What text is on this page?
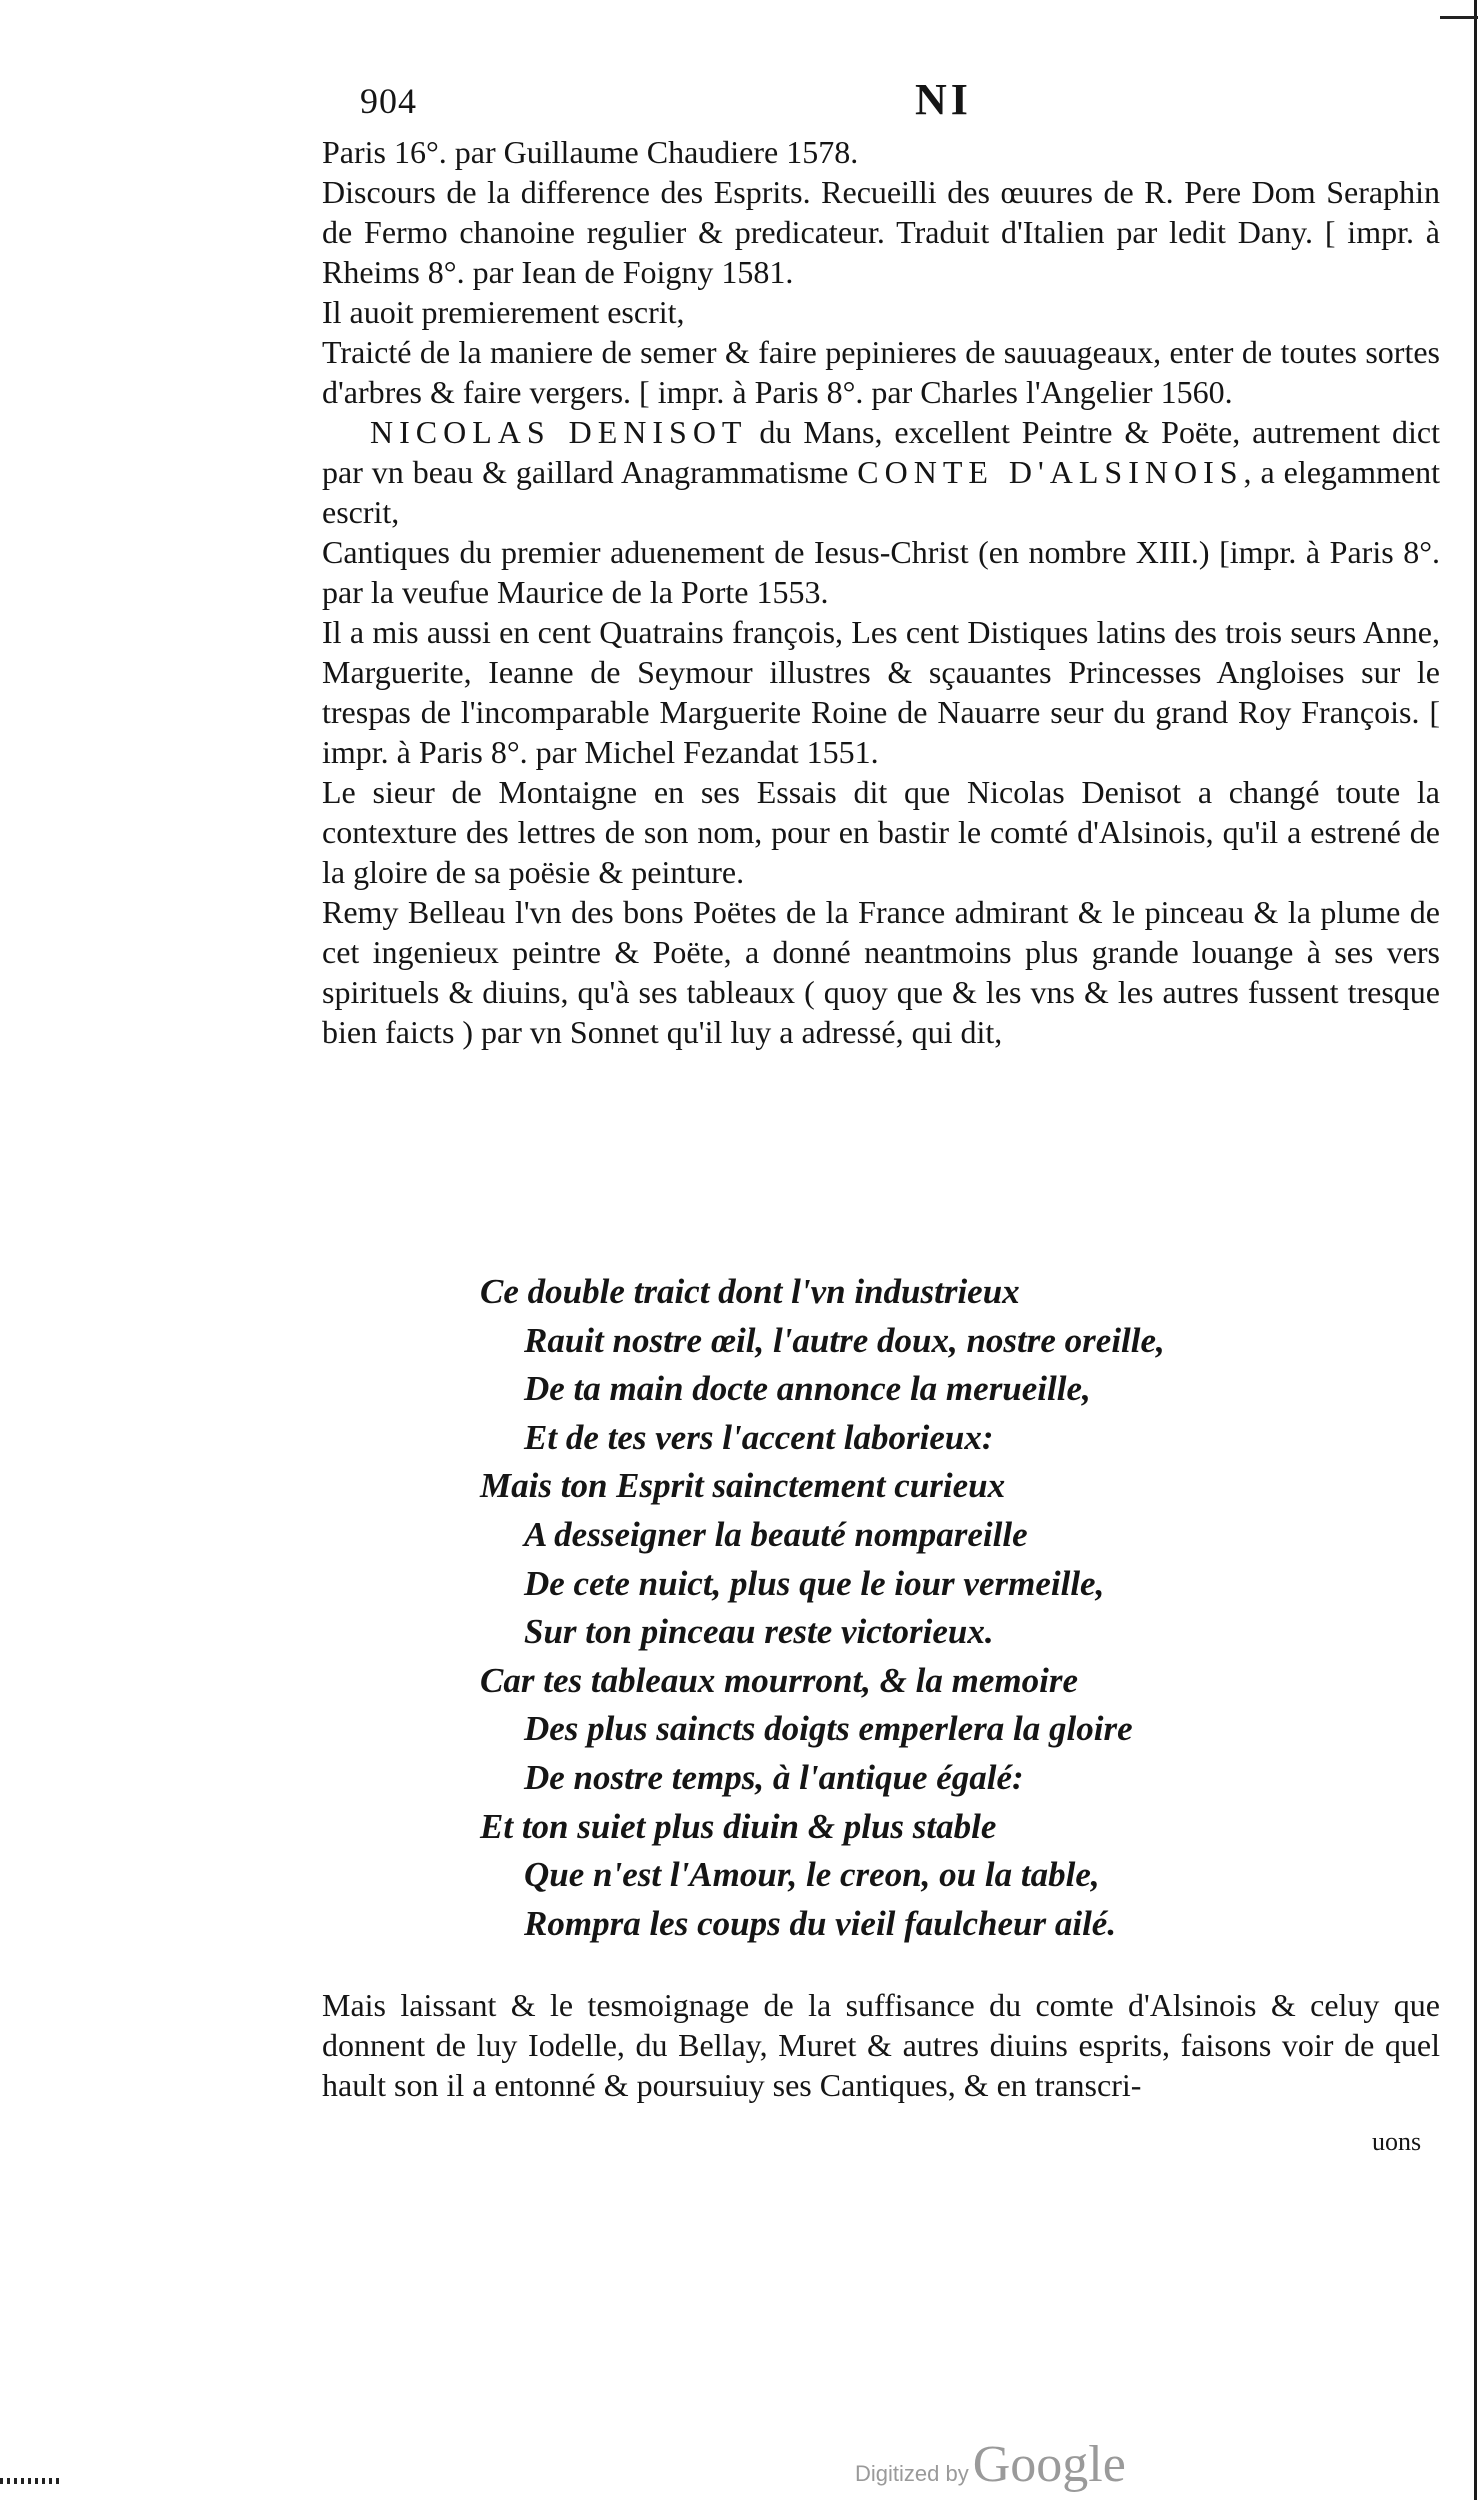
904	NI

Paris 16°. par Guillaume Chaudiere 1578.

Discours de la difference des Esprits. Recueilli des œuures de R. Pere Dom Seraphin de Fermo chanoine regulier & predicateur. Traduit d'Italien par ledit Dany. [ impr. à Rheims 8°. par Iean de Foigny 1581.

Il auoit premierement escrit,

Traicté de la maniere de semer & faire pepinieres de sauuageaux, enter de toutes sortes d'arbres & faire vergers. [ impr. à Paris 8°. par Charles l'Angelier 1560.

NICOLAS DENISOT du Mans, excellent Peintre & Poëte, autrement dict par vn beau & gaillard Anagrammatisme CONTE D'ALSINOIS, a elegamment escrit,

Cantiques du premier aduenement de Iesus-Christ (en nombre XIII.) [impr. à Paris 8°. par la veufue Maurice de la Porte 1553.

Il a mis aussi en cent Quatrains françois, Les cent Distiques latins des trois seurs Anne, Marguerite, Ieanne de Seymour illustres & sçauantes Princesses Angloises sur le trespas de l'incomparable Marguerite Roine de Nauarre seur du grand Roy François. [ impr. à Paris 8°. par Michel Fezandat 1551.

Le sieur de Montaigne en ses Essais dit que Nicolas Denisot a changé toute la contexture des lettres de son nom, pour en bastir le comté d'Alsinois, qu'il a estrené de la gloire de sa poësie & peinture.

Remy Belleau l'vn des bons Poëtes de la France admirant & le pinceau & la plume de cet ingenieux peintre & Poëte, a donné neantmoins plus grande louange à ses vers spirituels & diuins, qu'à ses tableaux ( quoy que & les vns & les autres fussent tresque bien faicts ) par vn Sonnet qu'il luy a adressé, qui dit,

Ce double traict dont l'vn industrieux
Rauit nostre œil, l'autre doux, nostre oreille,
De ta main docte annonce la merueille,
Et de tes vers l'accent laborieux:
Mais ton Esprit sainctement curieux
A desseigner la beauté nompareille
De cete nuict, plus que le iour vermeille,
Sur ton pinceau reste victorieux.
Car tes tableaux mourront, & la memoire
Des plus saincts doigts emperlera la gloire
De nostre temps, à l'antique égalé:
Et ton suiet plus diuin & plus stable
Que n'est l'Amour, le creon, ou la table,
Rompra les coups du vieil faulcheur ailé.

Mais laissant & le tesmoignage de la suffisance du comte d'Alsinois & celuy que donnent de luy Iodelle, du Bellay, Muret & autres diuins esprits, faisons voir de quel hault son il a entonné & poursuiuy ses Cantiques, & en transcri-

uons
Digitized by Google
